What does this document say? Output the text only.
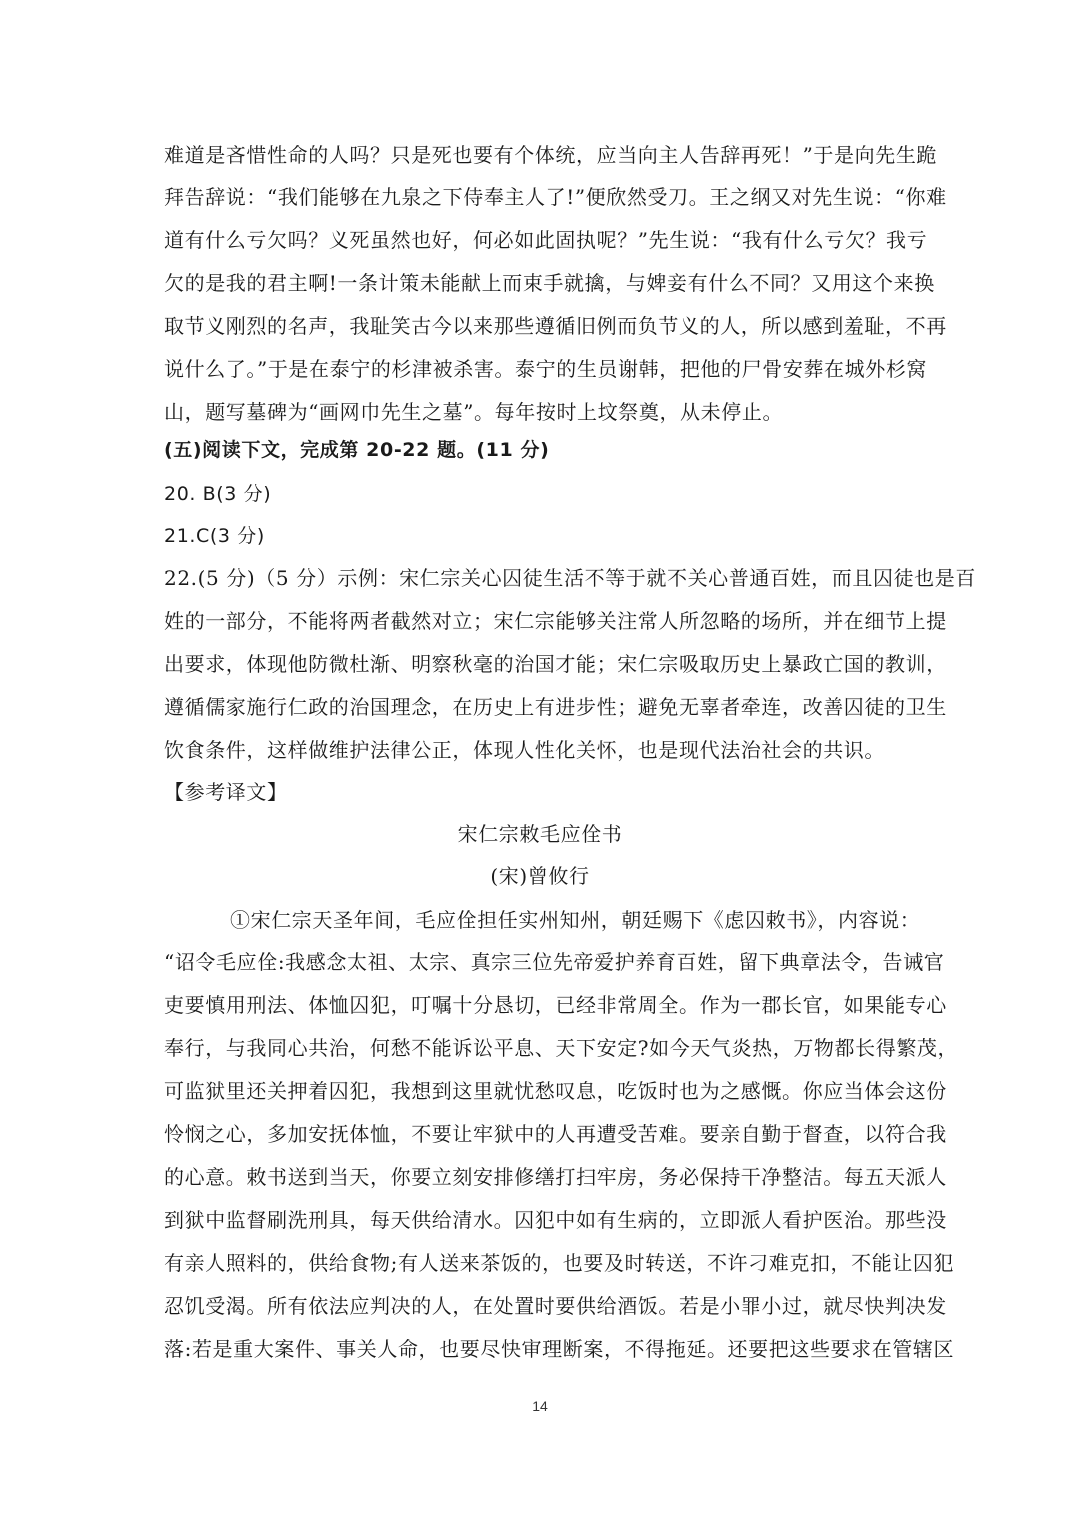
难道是吝惜性命的人吗？只是死也要有个体统，应当向主人告辞再死！”于是向先生跪
拜告辞说：“我们能够在九泉之下侍奉主人了!”便欣然受刀。王之纲又对先生说：“你难
道有什么亏欠吗？义死虽然也好，何必如此固执呢？”先生说：“我有什么亏欠？我亏
欠的是我的君主啊!一条计策未能献上而束手就擒，与婢妾有什么不同？又用这个来换
取节义刚烈的名声，我耻笑古今以来那些遵循旧例而负节义的人，所以感到羞耻，不再
说什么了。”于是在泰宁的杉津被杀害。泰宁的生员谢韩，把他的尸骨安葬在城外杉窝
山，题写墓碑为“画网巾先生之墓”。每年按时上坟祭奠，从未停止。
(五)阅读下文，完成第 20-22 题。(11 分)
20. B(3 分)
21.C(3 分)
22.(5 分)（5 分）示例：宋仁宗关心囚徒生活不等于就不关心普通百姓，而且囚徒也是百
姓的一部分，不能将两者截然对立；宋仁宗能够关注常人所忽略的场所，并在细节上提
出要求，体现他防微杜渐、明察秋毫的治国才能；宋仁宗吸取历史上暴政亡国的教训，
遵循儒家施行仁政的治国理念，在历史上有进步性；避免无辜者牵连，改善囚徒的卫生
饮食条件，这样做维护法律公正，体现人性化关怀，也是现代法治社会的共识。
【参考译文】
宋仁宗敕毛应佺书
(宋)曾攸行
①宋仁宗天圣年间，毛应佺担任实州知州，朝廷赐下《虑囚敕书》，内容说：
“诏令毛应佺:我感念太祖、太宗、真宗三位先帝爱护养育百姓，留下典章法令，告诫官
吏要慎用刑法、体恤囚犯，叮嘱十分恳切，已经非常周全。作为一郡长官，如果能专心
奉行，与我同心共治，何愁不能诉讼平息、天下安定?如今天气炎热，万物都长得繁茂，
可监狱里还关押着囚犯，我想到这里就忧愁叹息，吃饭时也为之感慨。你应当体会这份
怜悯之心，多加安抚体恤，不要让牢狱中的人再遭受苦难。要亲自勤于督查，以符合我
的心意。敕书送到当天，你要立刻安排修缮打扫牢房，务必保持干净整洁。每五天派人
到狱中监督刷洗刑具，每天供给清水。囚犯中如有生病的，立即派人看护医治。那些没
有亲人照料的，供给食物;有人送来茶饭的，也要及时转送，不许刁难克扣，不能让囚犯
忍饥受渴。所有依法应判决的人，在处置时要供给酒饭。若是小罪小过，就尽快判决发
落:若是重大案件、事关人命，也要尽快审理断案，不得拖延。还要把这些要求在管辖区
14
